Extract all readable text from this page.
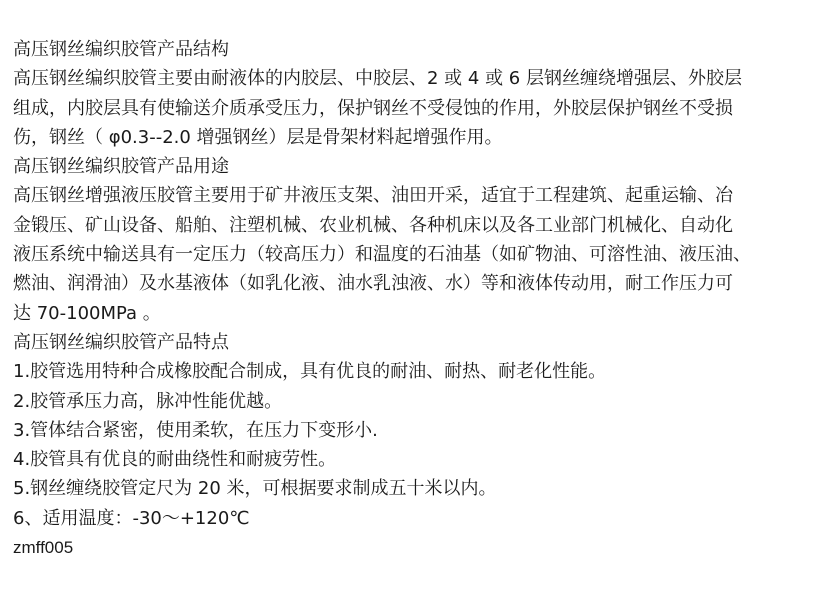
高压钢丝编织胶管产品结构
高压钢丝编织胶管主要由耐液体的内胶层、中胶层、2 或 4 或 6 层钢丝缠绕增强层、外胶层
组成，内胶层具有使输送介质承受压力，保护钢丝不受侵蚀的作用，外胶层保护钢丝不受损
伤，钢丝（ φ0.3--2.0 增强钢丝）层是骨架材料起增强作用。
高压钢丝编织胶管产品用途
高压钢丝增强液压胶管主要用于矿井液压支架、油田开采，适宜于工程建筑、起重运输、冶
金锻压、矿山设备、船舶、注塑机械、农业机械、各种机床以及各工业部门机械化、自动化
液压系统中输送具有一定压力（较高压力）和温度的石油基（如矿物油、可溶性油、液压油、
燃油、润滑油）及水基液体（如乳化液、油水乳浊液、水）等和液体传动用，耐工作压力可
达 70-100MPa 。
高压钢丝编织胶管产品特点
1.胶管选用特种合成橡胶配合制成，具有优良的耐油、耐热、耐老化性能。
2.胶管承压力高，脉冲性能优越。
3.管体结合紧密，使用柔软，在压力下变形小.
4.胶管具有优良的耐曲绕性和耐疲劳性。
5.钢丝缠绕胶管定尺为 20 米，可根据要求制成五十米以内。
6、适用温度：-30～+120℃
zmff005
